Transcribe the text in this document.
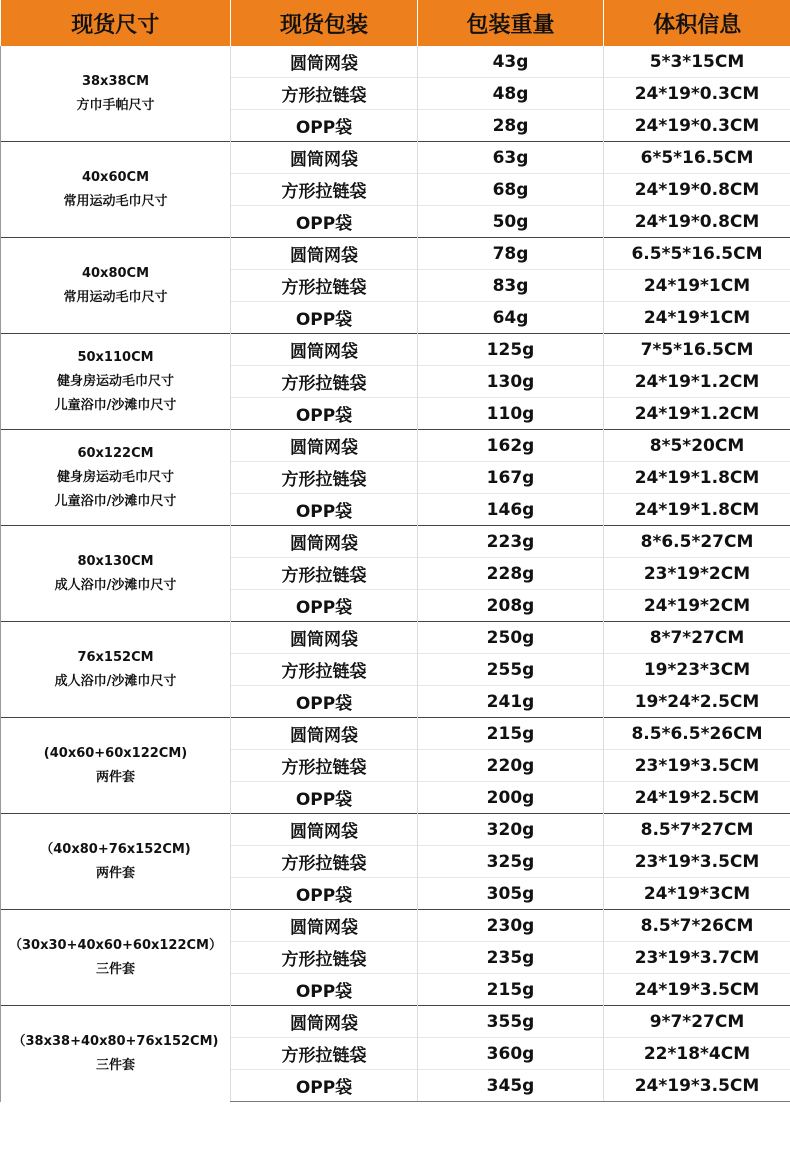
现货尺寸	现货包装	包装重量	体积信息

38x38CM
方巾手帕尺寸	圆筒网袋	43g	5*3*15CM
	方形拉链袋	48g	24*19*0.3CM
	OPP袋	28g	24*19*0.3CM

40x60CM
常用运动毛巾尺寸	圆筒网袋	63g	6*5*16.5CM
	方形拉链袋	68g	24*19*0.8CM
	OPP袋	50g	24*19*0.8CM

40x80CM
常用运动毛巾尺寸	圆筒网袋	78g	6.5*5*16.5CM
	方形拉链袋	83g	24*19*1CM
	OPP袋	64g	24*19*1CM

50x110CM
健身房运动毛巾尺寸
儿童浴巾/沙滩巾尺寸	圆筒网袋	125g	7*5*16.5CM
	方形拉链袋	130g	24*19*1.2CM
	OPP袋	110g	24*19*1.2CM

60x122CM
健身房运动毛巾尺寸
儿童浴巾/沙滩巾尺寸	圆筒网袋	162g	8*5*20CM
	方形拉链袋	167g	24*19*1.8CM
	OPP袋	146g	24*19*1.8CM

80x130CM
成人浴巾/沙滩巾尺寸	圆筒网袋	223g	8*6.5*27CM
	方形拉链袋	228g	23*19*2CM
	OPP袋	208g	24*19*2CM

76x152CM
成人浴巾/沙滩巾尺寸	圆筒网袋	250g	8*7*27CM
	方形拉链袋	255g	19*23*3CM
	OPP袋	241g	19*24*2.5CM

(40x60+60x122CM)
两件套	圆筒网袋	215g	8.5*6.5*26CM
	方形拉链袋	220g	23*19*3.5CM
	OPP袋	200g	24*19*2.5CM

（40x80+76x152CM)
两件套	圆筒网袋	320g	8.5*7*27CM
	方形拉链袋	325g	23*19*3.5CM
	OPP袋	305g	24*19*3CM

（30x30+40x60+60x122CM）
三件套	圆筒网袋	230g	8.5*7*26CM
	方形拉链袋	235g	23*19*3.7CM
	OPP袋	215g	24*19*3.5CM

（38x38+40x80+76x152CM)
三件套	圆筒网袋	355g	9*7*27CM
	方形拉链袋	360g	22*18*4CM
	OPP袋	345g	24*19*3.5CM
